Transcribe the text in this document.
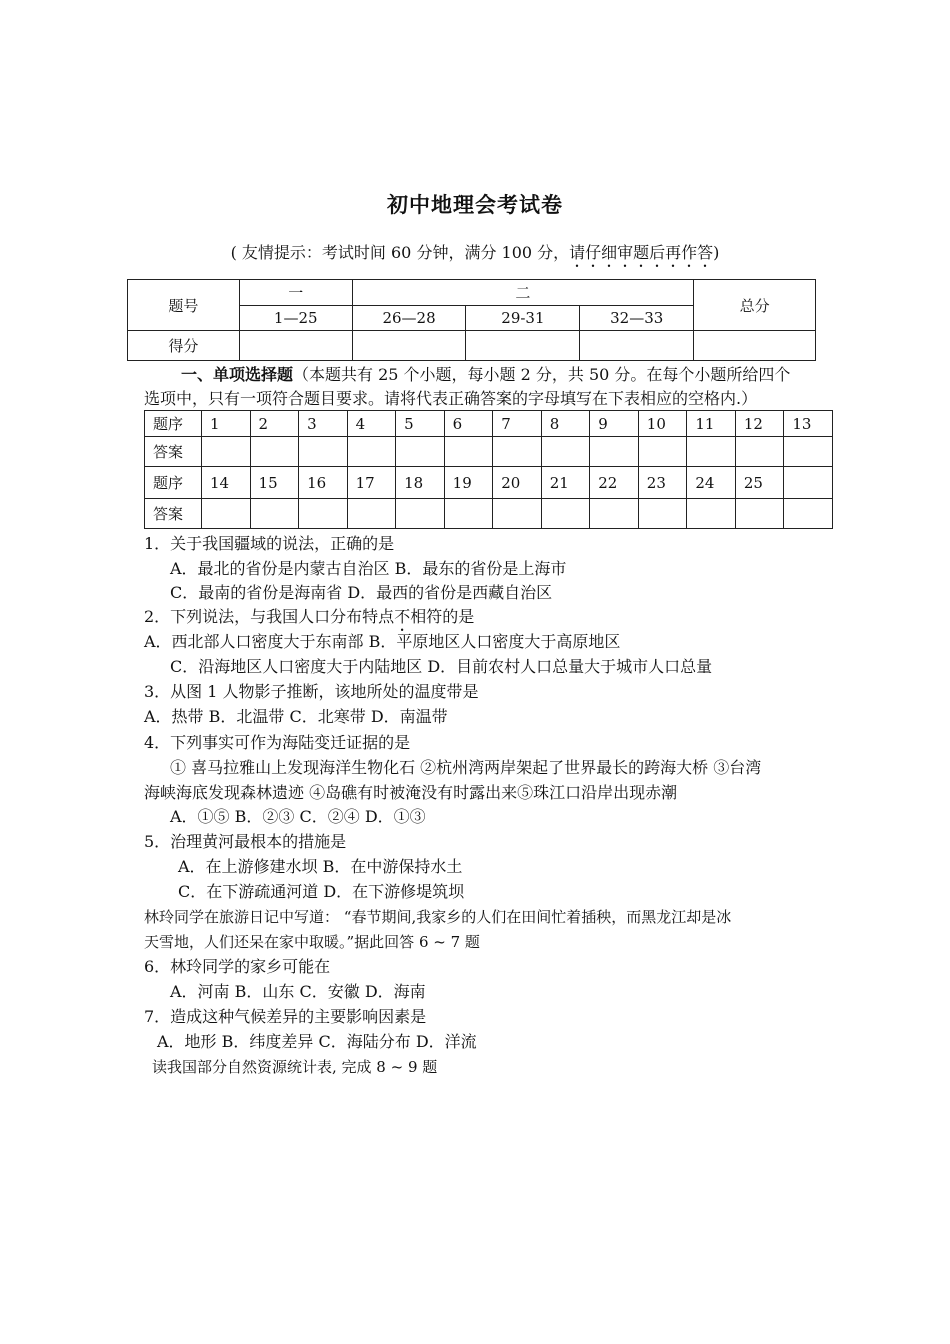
初中地理会考试卷
( 友情提示：考试时间 60 分钟，满分 100 分，请仔细审题后再作答)
题号	一	二			总分
	1—25	26—28	29-31	32—33	
得分					
一、单项选择题（本题共有 25 个小题，每小题 2 分，共 50 分。在每个小题所给四个
选项中，只有一项符合题目要求。请将代表正确答案的字母填写在下表相应的空格内.）
题序	1	2	3	4	5	6	7	8	9	10	11	12	13
答案													
题序	14	15	16	17	18	19	20	21	22	23	24	25	
答案													
1．关于我国疆域的说法，正确的是
A．最北的省份是内蒙古自治区 B．最东的省份是上海市
C．最南的省份是海南省 D．最西的省份是西藏自治区
2．下列说法，与我国人口分布特点不相符的是
A．西北部人口密度大于东南部 B．平原地区人口密度大于高原地区
C．沿海地区人口密度大于内陆地区 D．目前农村人口总量大于城市人口总量
3．从图 1 人物影子推断，该地所处的温度带是
A．热带 B．北温带 C．北寒带 D．南温带
4．下列事实可作为海陆变迁证据的是
① 喜马拉雅山上发现海洋生物化石 ②杭州湾两岸架起了世界最长的跨海大桥 ③台湾
海峡海底发现森林遗迹 ④岛礁有时被淹没有时露出来⑤珠江口沿岸出现赤潮
A．①⑤ B．②③ C．②④ D．①③
5．治理黄河最根本的措施是
A．在上游修建水坝 B．在中游保持水土
C．在下游疏通河道 D．在下游修堤筑坝
林玲同学在旅游日记中写道： “春节期间,我家乡的人们在田间忙着插秧，而黑龙江却是冰
天雪地，人们还呆在家中取暖。”据此回答 6 ~ 7 题
6．林玲同学的家乡可能在
A．河南 B．山东 C．安徽 D．海南
7．造成这种气候差异的主要影响因素是
A．地形 B．纬度差异 C．海陆分布 D．洋流
读我国部分自然资源统计表, 完成 8 ~ 9 题
